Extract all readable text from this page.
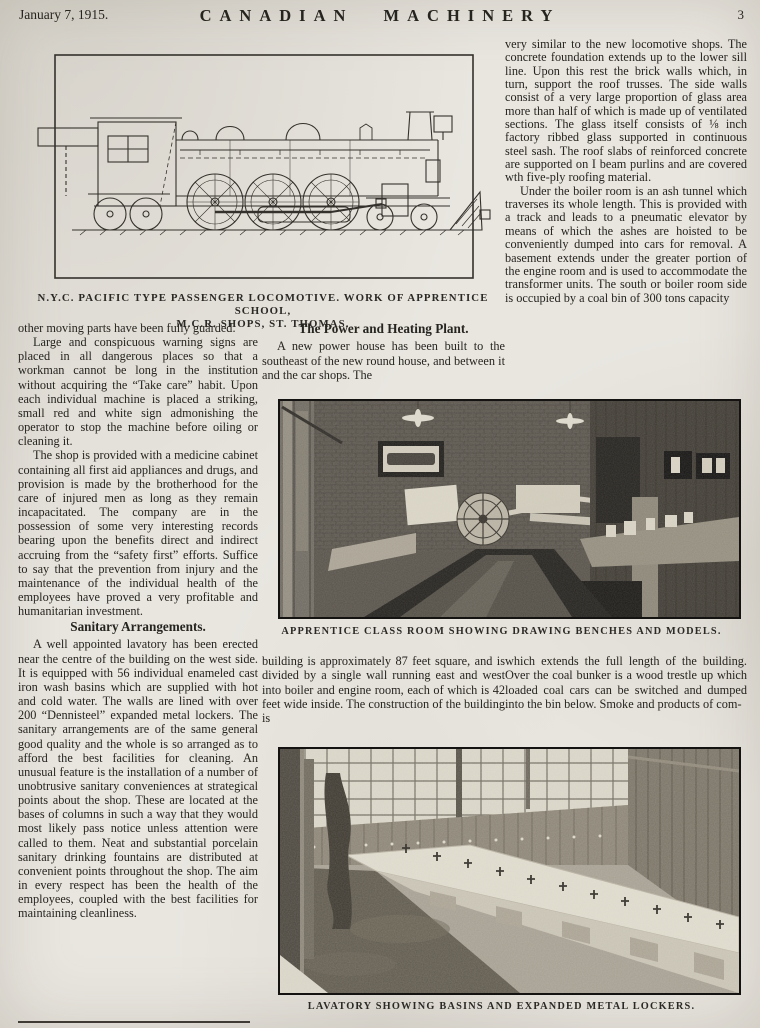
January 7, 1915.	CANADIAN MACHINERY	3
N.Y.C. PACIFIC TYPE PASSENGER LOCOMOTIVE. WORK OF APPRENTICE SCHOOL,
M.C.R. SHOPS, ST. THOMAS.

other moving parts have been fully guarded.

Large and conspicuous warning signs are placed in all dangerous places so that a workman cannot be long in the institution without acquiring the “Take care” habit. Upon each individual machine is placed a striking, small red and white sign admonishing the operator to stop the machine before oiling or cleaning it.

The shop is provided with a medicine cabinet containing all first aid appliances and drugs, and provision is made by the brotherhood for the care of injured men as long as they remain incapacitated. The company are in the possession of some very interesting records bearing upon the benefits direct and indirect accruing from the “safety first” efforts. Suffice to say that the prevention from injury and the maintenance of the individual health of the employees have proved a very profitable and humanitarian investment.

Sanitary Arrangements.

A well appointed lavatory has been erected near the centre of the building on the west side. It is equipped with 56 individual enameled cast iron wash basins which are supplied with hot and cold water. The walls are lined with over 200 “Dennisteel” expanded metal lockers. The sanitary arrangements are of the same general good quality and the whole is so arranged as to afford the best facilities for cleaning. An unusual feature is the installation of a number of unobtrusive sanitary conveniences at strategical points about the shop. These are located at the bases of columns in such a way that they would most likely pass notice unless attention were called to them. Neat and substantial porcelain sanitary drinking fountains are distributed at convenient points throughout the shop. The aim in every respect has been the health of the employees, coupled with the best facilities for maintaining cleanliness.

The Power and Heating Plant.

A new power house has been built to the southeast of the new round house, and between it and the car shops. The

very similar to the new locomotive shops. The concrete foundation extends up to the lower sill line. Upon this rest the brick walls which, in turn, support the roof trusses. The side walls consist of a very large proportion of glass area more than half of which is made up of ventilated sections. The glass itself consists of ⅛ inch factory ribbed glass supported in continuous steel sash. The roof slabs of reinforced concrete are supported on I beam purlins and are covered wth five-ply roofing material.

Under the boiler room is an ash tunnel which traverses its whole length. This is provided with a track and leads to a pneumatic elevator by means of which the ashes are hoisted to be conveniently dumped into cars for removal. A basement extends under the greater portion of the engine room and is used to accommodate the transformer units. The south or boiler room side is occupied by a coal bin of 300 tons capacity

APPRENTICE CLASS ROOM SHOWING DRAWING BENCHES AND MODELS.

building is approximately 87 feet square, and is divided by a single wall running east and west into boiler and engine room, each of which is 42 feet wide inside. The construction of the building is

which extends the full length of the building. Over the coal bunker is a wood trestle up which loaded coal cars can be switched and dumped into the bin below. Smoke and products of com-

LAVATORY SHOWING BASINS AND EXPANDED METAL LOCKERS.
